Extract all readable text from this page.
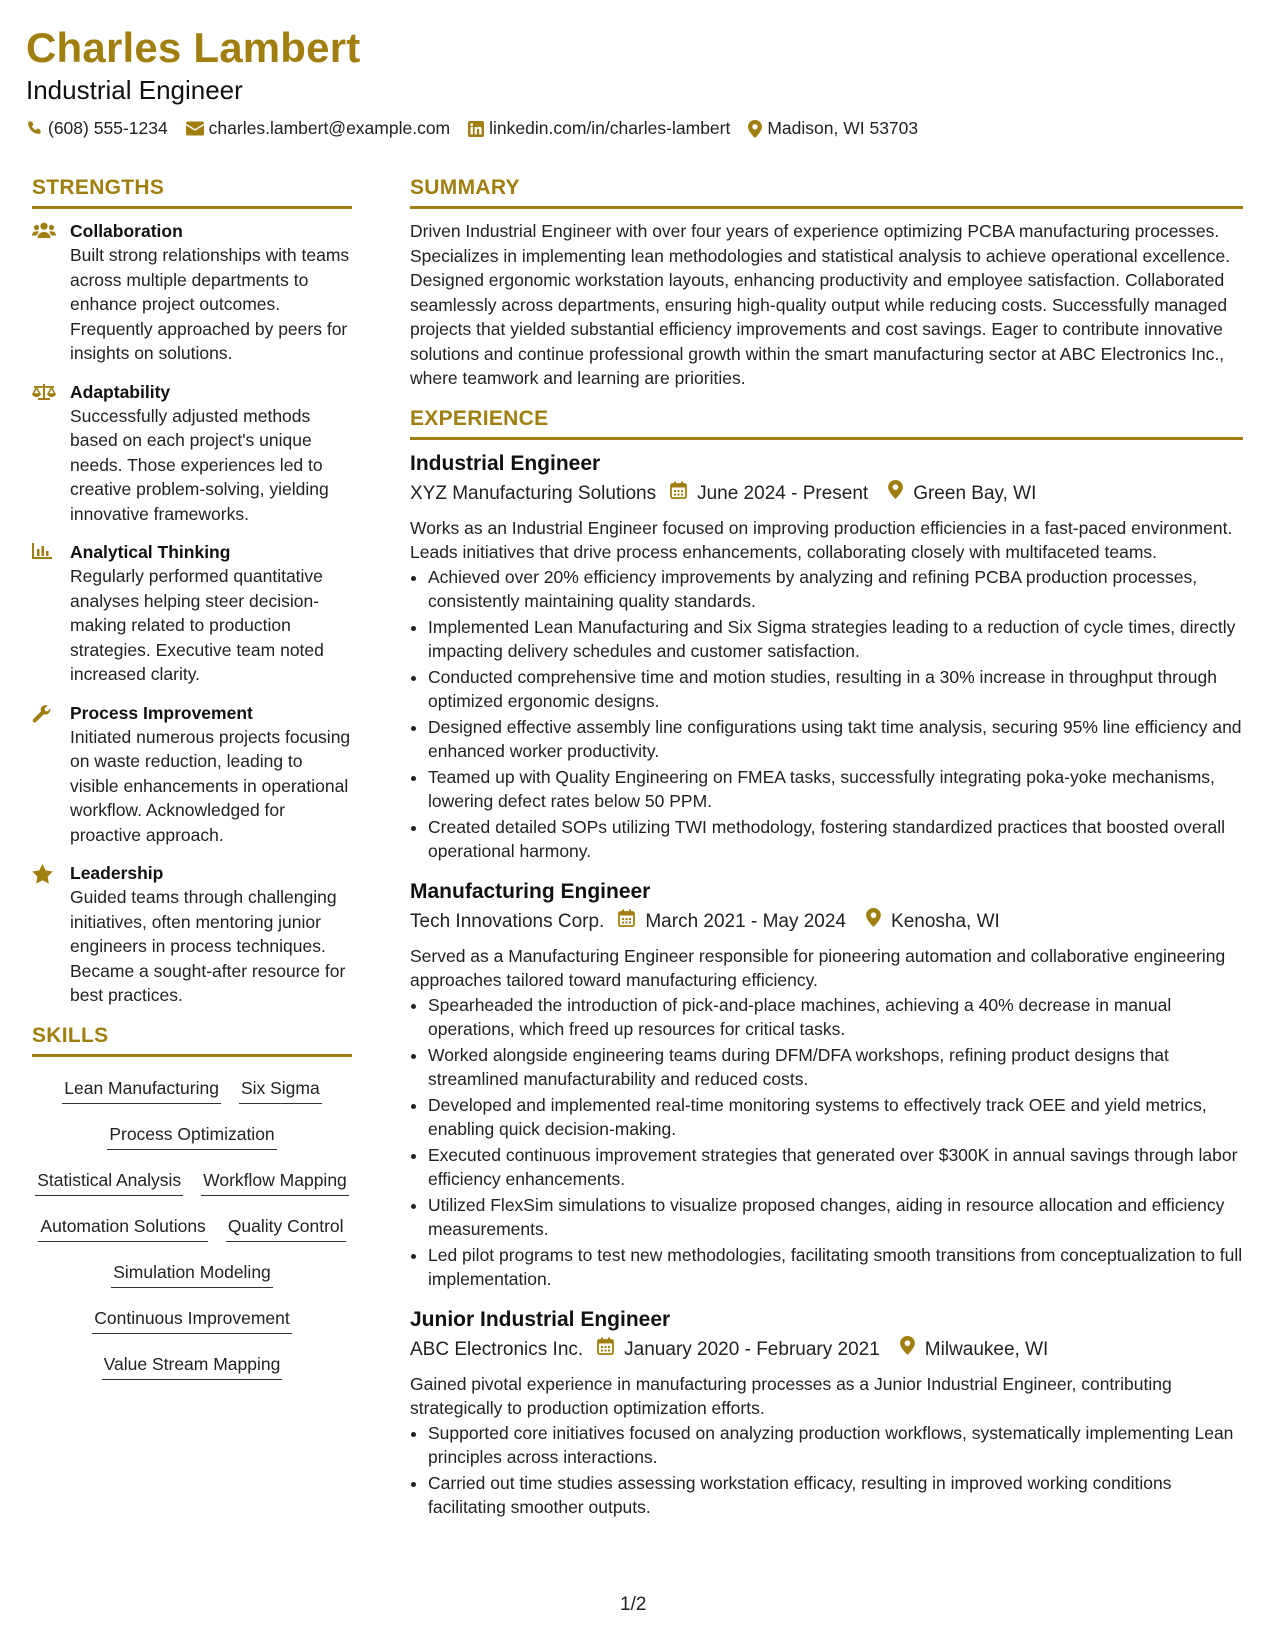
Charles Lambert
Industrial Engineer
(608) 555-1234 charles.lambert@example.com linkedin.com/in/charles-lambert Madison, WI 53703
STRENGTHS
Collaboration
Built strong relationships with teams across multiple departments to enhance project outcomes. Frequently approached by peers for insights on solutions.
Adaptability
Successfully adjusted methods based on each project's unique needs. Those experiences led to creative problem-solving, yielding innovative frameworks.
Analytical Thinking
Regularly performed quantitative analyses helping steer decision-making related to production strategies. Executive team noted increased clarity.
Process Improvement
Initiated numerous projects focusing on waste reduction, leading to visible enhancements in operational workflow. Acknowledged for proactive approach.
Leadership
Guided teams through challenging initiatives, often mentoring junior engineers in process techniques. Became a sought-after resource for best practices.
SKILLS
Lean Manufacturing Six Sigma
Process Optimization
Statistical Analysis Workflow Mapping
Automation Solutions Quality Control
Simulation Modeling
Continuous Improvement
Value Stream Mapping
SUMMARY
Driven Industrial Engineer with over four years of experience optimizing PCBA manufacturing processes. Specializes in implementing lean methodologies and statistical analysis to achieve operational excellence. Designed ergonomic workstation layouts, enhancing productivity and employee satisfaction. Collaborated seamlessly across departments, ensuring high-quality output while reducing costs. Successfully managed projects that yielded substantial efficiency improvements and cost savings. Eager to contribute innovative solutions and continue professional growth within the smart manufacturing sector at ABC Electronics Inc., where teamwork and learning are priorities.
EXPERIENCE
Industrial Engineer
XYZ Manufacturing Solutions June 2024 - Present Green Bay, WI
Works as an Industrial Engineer focused on improving production efficiencies in a fast-paced environment. Leads initiatives that drive process enhancements, collaborating closely with multifaceted teams.
• Achieved over 20% efficiency improvements by analyzing and refining PCBA production processes, consistently maintaining quality standards.
• Implemented Lean Manufacturing and Six Sigma strategies leading to a reduction of cycle times, directly impacting delivery schedules and customer satisfaction.
• Conducted comprehensive time and motion studies, resulting in a 30% increase in throughput through optimized ergonomic designs.
• Designed effective assembly line configurations using takt time analysis, securing 95% line efficiency and enhanced worker productivity.
• Teamed up with Quality Engineering on FMEA tasks, successfully integrating poka-yoke mechanisms, lowering defect rates below 50 PPM.
• Created detailed SOPs utilizing TWI methodology, fostering standardized practices that boosted overall operational harmony.
Manufacturing Engineer
Tech Innovations Corp. March 2021 - May 2024 Kenosha, WI
Served as a Manufacturing Engineer responsible for pioneering automation and collaborative engineering approaches tailored toward manufacturing efficiency.
• Spearheaded the introduction of pick-and-place machines, achieving a 40% decrease in manual operations, which freed up resources for critical tasks.
• Worked alongside engineering teams during DFM/DFA workshops, refining product designs that streamlined manufacturability and reduced costs.
• Developed and implemented real-time monitoring systems to effectively track OEE and yield metrics, enabling quick decision-making.
• Executed continuous improvement strategies that generated over $300K in annual savings through labor efficiency enhancements.
• Utilized FlexSim simulations to visualize proposed changes, aiding in resource allocation and efficiency measurements.
• Led pilot programs to test new methodologies, facilitating smooth transitions from conceptualization to full implementation.
Junior Industrial Engineer
ABC Electronics Inc. January 2020 - February 2021 Milwaukee, WI
Gained pivotal experience in manufacturing processes as a Junior Industrial Engineer, contributing strategically to production optimization efforts.
• Supported core initiatives focused on analyzing production workflows, systematically implementing Lean principles across interactions.
• Carried out time studies assessing workstation efficacy, resulting in improved working conditions facilitating smoother outputs.
1/2
